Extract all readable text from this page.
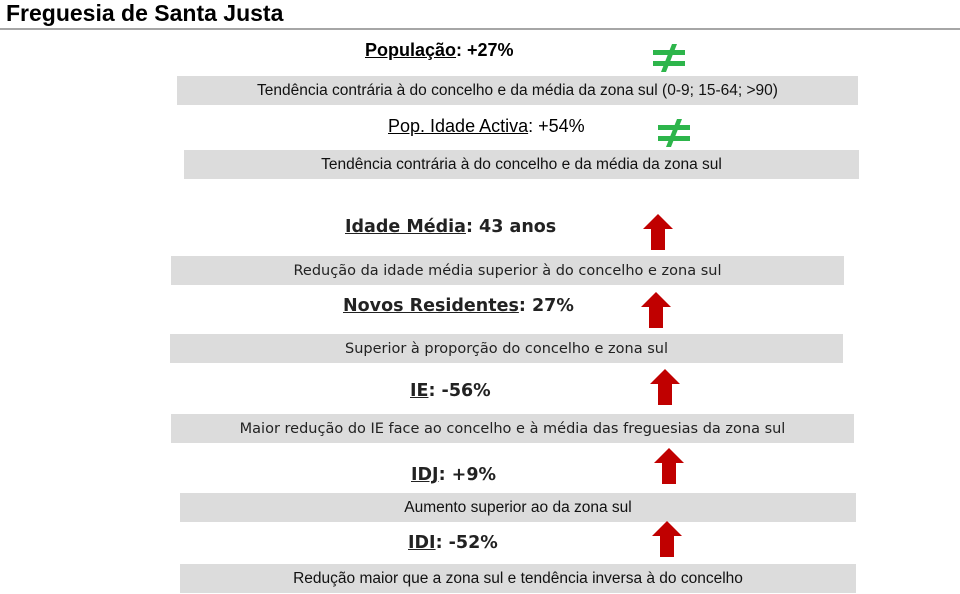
Freguesia de Santa Justa
População: +27%
Tendência contrária à do concelho e da média da zona sul (0-9; 15-64; >90)
Pop. Idade Activa: +54%
Tendência contrária à do concelho e da média da zona sul
Idade Média: 43 anos
Redução da idade média superior à do concelho e zona sul
Novos Residentes: 27%
Superior à proporção do concelho e zona sul
IE: -56%
Maior redução do IE face ao concelho e à média das freguesias da zona sul
IDJ: +9%
Aumento superior ao da zona sul
IDI: -52%
Redução maior que a zona sul e tendência inversa à do concelho
